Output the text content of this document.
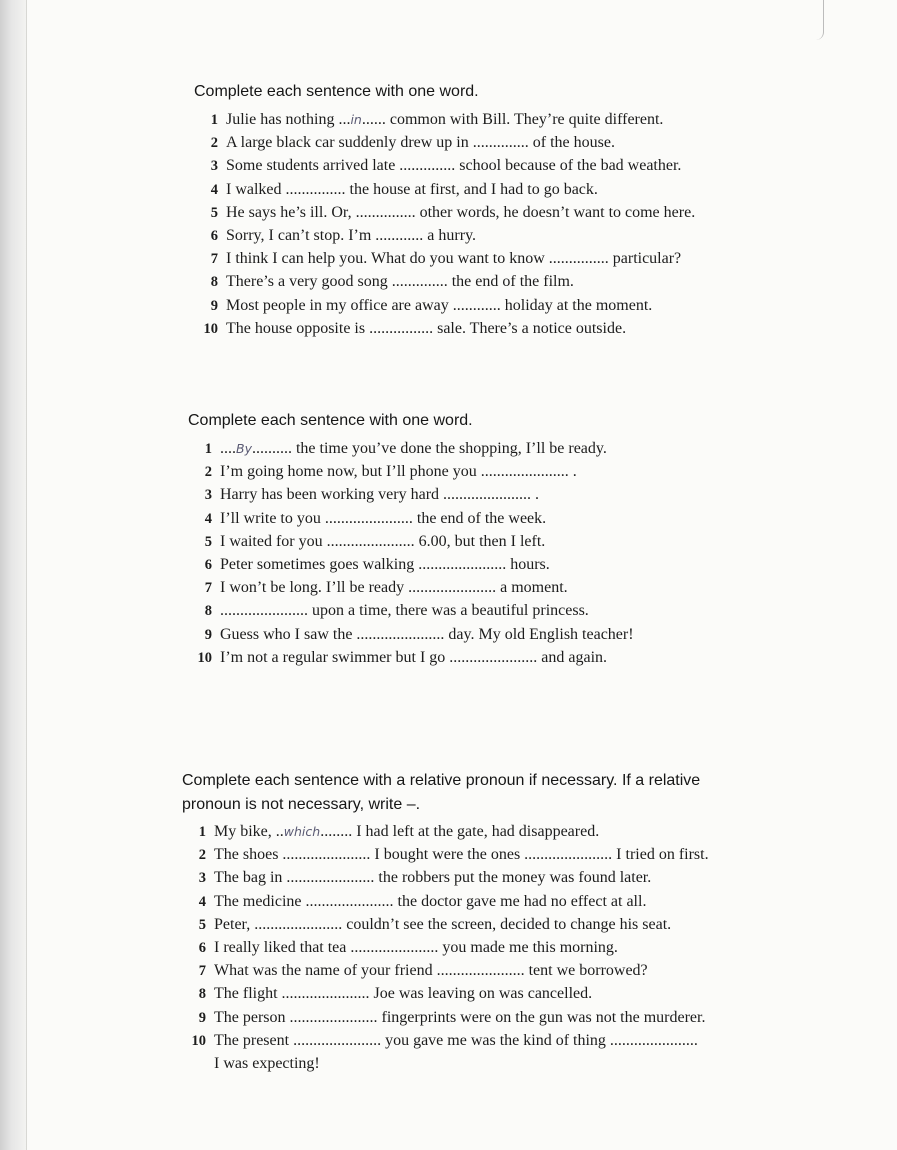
Complete each sentence with one word.

1 Julie has nothing ...in...... common with Bill. They’re quite different.
2 A large black car suddenly drew up in .............. of the house.
3 Some students arrived late .............. school because of the bad weather.
4 I walked ............... the house at first, and I had to go back.
5 He says he’s ill. Or, ............... other words, he doesn’t want to come here.
6 Sorry, I can’t stop. I’m ............ a hurry.
7 I think I can help you. What do you want to know ............... particular?
8 There’s a very good song .............. the end of the film.
9 Most people in my office are away ............ holiday at the moment.
10 The house opposite is ................ sale. There’s a notice outside.

Complete each sentence with one word.

1 ....By.......... the time you’ve done the shopping, I’ll be ready.
2 I’m going home now, but I’ll phone you ...................... .
3 Harry has been working very hard ...................... .
4 I’ll write to you ...................... the end of the week.
5 I waited for you ...................... 6.00, but then I left.
6 Peter sometimes goes walking ...................... hours.
7 I won’t be long. I’ll be ready ...................... a moment.
8 ...................... upon a time, there was a beautiful princess.
9 Guess who I saw the ...................... day. My old English teacher!
10 I’m not a regular swimmer but I go ...................... and again.

Complete each sentence with a relative pronoun if necessary. If a relative
pronoun is not necessary, write –.

1 My bike, ..which........ I had left at the gate, had disappeared.
2 The shoes ...................... I bought were the ones ...................... I tried on first.
3 The bag in ...................... the robbers put the money was found later.
4 The medicine ...................... the doctor gave me had no effect at all.
5 Peter, ...................... couldn’t see the screen, decided to change his seat.
6 I really liked that tea ...................... you made me this morning.
7 What was the name of your friend ...................... tent we borrowed?
8 The flight ...................... Joe was leaving on was cancelled.
9 The person ...................... fingerprints were on the gun was not the murderer.
10 The present ...................... you gave me was the kind of thing ......................
I was expecting!
